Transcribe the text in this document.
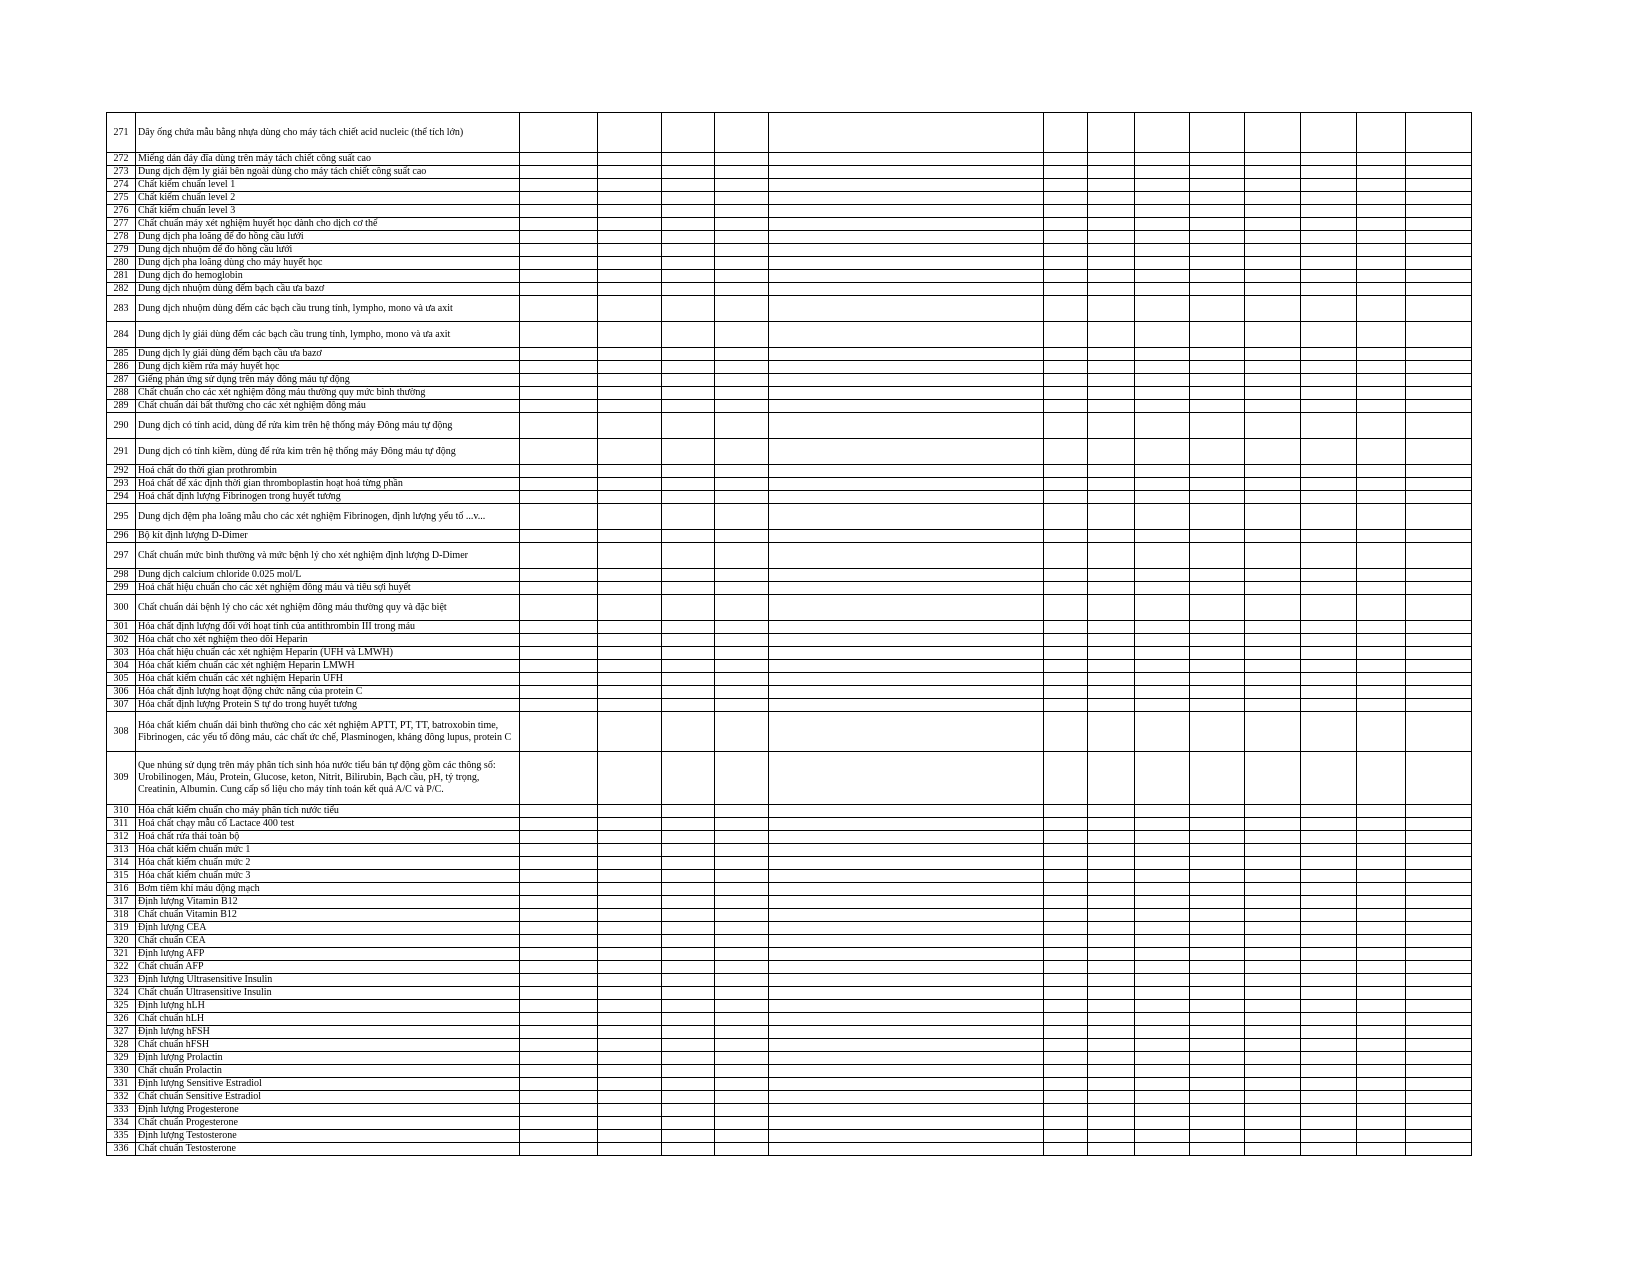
271	Dây ống chứa mẫu bằng nhựa dùng cho máy tách chiết acid nucleic (thể tích lớn)													
272	Miếng dán đáy đĩa dùng trên máy tách chiết công suất cao													
273	Dung dịch đệm ly giải bên ngoài dùng cho máy tách chiết công suất cao													
274	Chất kiểm chuẩn level 1													
275	Chất kiểm chuẩn level 2													
276	Chất kiểm chuẩn level 3													
277	Chất chuẩn máy xét nghiệm huyết học dành cho dịch cơ thể													
278	Dung dịch pha loãng để đo hồng cầu lưới													
279	Dung dịch nhuộm để đo hồng cầu lưới													
280	Dung dịch pha loãng dùng cho máy huyết học													
281	Dung dịch đo hemoglobin													
282	Dung dịch nhuộm dùng đếm bạch cầu ưa bazơ													
283	Dung dịch nhuộm dùng đếm các bạch cầu trung tính, lympho, mono và ưa axit													
284	Dung dịch ly giải dùng đếm các bạch cầu trung tính, lympho, mono và ưa axit													
285	Dung dịch ly giải dùng đếm bạch cầu ưa bazơ													
286	Dung dịch kiềm rửa máy huyết học													
287	Giếng phản ứng sử dụng trên máy đông máu tự động													
288	Chất chuẩn cho các xét nghiệm đông máu thường quy mức bình thường													
289	Chất chuẩn dải bất thường cho các xét nghiệm đông máu													
290	Dung dịch có tính acid, dùng để rửa kim trên hệ thống máy Đông máu tự động													
291	Dung dịch có tính kiềm, dùng để rửa kim trên hệ thống máy Đông máu tự động													
292	Hoá chất đo thời gian prothrombin													
293	Hoá chất để xác định thời gian thromboplastin hoạt hoá từng phần													
294	Hoá chất định lượng Fibrinogen trong huyết tương													
295	Dung dịch đệm pha loãng mẫu cho các xét nghiệm Fibrinogen, định lượng yếu tố ...v...													
296	Bộ kít định lượng D-Dimer													
297	Chất chuẩn mức bình thường và mức bệnh lý cho xét nghiệm định lượng D-Dimer													
298	Dung dịch calcium chloride 0.025 mol/L													
299	Hoá chất hiệu chuẩn cho các xét nghiệm đông máu và tiêu sợi huyết													
300	Chất chuẩn dải bệnh lý cho các xét nghiệm đông máu thường quy và đặc biệt													
301	Hóa chất định lượng đối với hoạt tính của antithrombin III trong máu													
302	Hóa chất cho xét nghiệm theo dõi Heparin													
303	Hóa chất hiệu chuẩn các xét nghiệm Heparin (UFH và LMWH)													
304	Hóa chất kiểm chuẩn các xét nghiệm Heparin LMWH													
305	Hóa chất kiểm chuẩn các xét nghiệm Heparin UFH													
306	Hóa chất định lượng hoạt động chức năng của protein C													
307	Hóa chất định lượng Protein S tự do trong huyết tương													
308	Hóa chất kiểm chuẩn dải bình thường cho các xét nghiệm APTT, PT, TT, batroxobin time, Fibrinogen, các yếu tố đông máu, các chất ức chế, Plasminogen, kháng đông lupus, protein C													
309	Que nhúng sử dụng trên máy phân tích sinh hóa nước tiểu bán tự động gồm các thông số: Urobilinogen, Máu, Protein, Glucose, keton, Nitrit, Bilirubin, Bạch cầu, pH, tỷ trọng, Creatinin, Albumin. Cung cấp sổ liệu cho máy tính toán kết quả A/C và P/C.													
310	Hóa chất kiểm chuẩn cho máy phân tích nước tiểu													
311	Hoá chất chạy mẫu cố Lactace 400 test													
312	Hoá chất rửa thải toàn bộ													
313	Hóa chất kiểm chuẩn mức 1													
314	Hóa chất kiểm chuẩn mức 2													
315	Hóa chất kiểm chuẩn mức 3													
316	Bơm tiêm khí máu động mạch													
317	Định lượng Vitamin B12													
318	Chất chuẩn Vitamin B12													
319	Định lượng CEA													
320	Chất chuẩn CEA													
321	Định lượng AFP													
322	Chất chuẩn AFP													
323	Định lượng Ultrasensitive Insulin													
324	Chất chuẩn Ultrasensitive Insulin													
325	Định lượng hLH													
326	Chất chuẩn hLH													
327	Định lượng hFSH													
328	Chất chuẩn hFSH													
329	Định lượng Prolactin													
330	Chất chuẩn Prolactin													
331	Định lượng Sensitive Estradiol													
332	Chất chuẩn Sensitive Estradiol													
333	Định lượng Progesterone													
334	Chất chuẩn Progesterone													
335	Định lượng Testosterone													
336	Chất chuẩn Testosterone													
